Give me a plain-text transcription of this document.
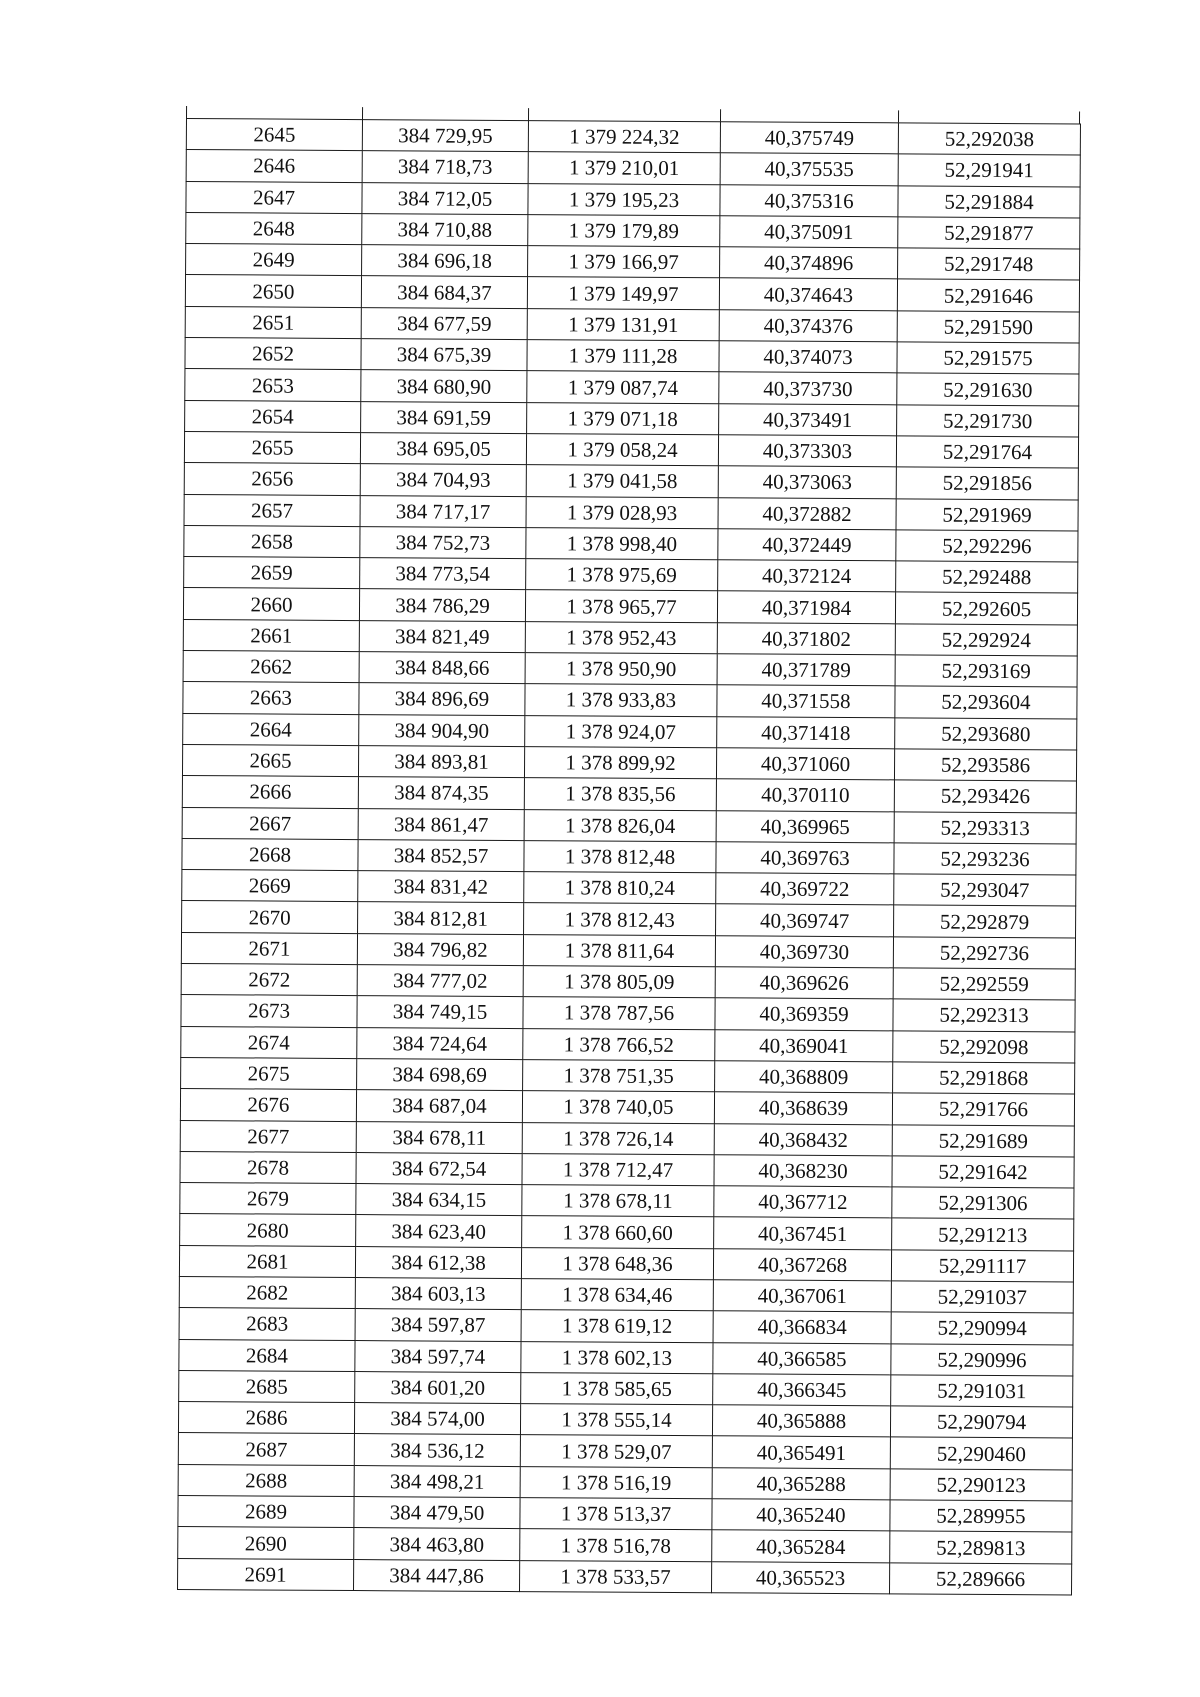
2645	384 729,95	1 379 224,32	40,375749	52,292038
2646	384 718,73	1 379 210,01	40,375535	52,291941
2647	384 712,05	1 379 195,23	40,375316	52,291884
2648	384 710,88	1 379 179,89	40,375091	52,291877
2649	384 696,18	1 379 166,97	40,374896	52,291748
2650	384 684,37	1 379 149,97	40,374643	52,291646
2651	384 677,59	1 379 131,91	40,374376	52,291590
2652	384 675,39	1 379 111,28	40,374073	52,291575
2653	384 680,90	1 379 087,74	40,373730	52,291630
2654	384 691,59	1 379 071,18	40,373491	52,291730
2655	384 695,05	1 379 058,24	40,373303	52,291764
2656	384 704,93	1 379 041,58	40,373063	52,291856
2657	384 717,17	1 379 028,93	40,372882	52,291969
2658	384 752,73	1 378 998,40	40,372449	52,292296
2659	384 773,54	1 378 975,69	40,372124	52,292488
2660	384 786,29	1 378 965,77	40,371984	52,292605
2661	384 821,49	1 378 952,43	40,371802	52,292924
2662	384 848,66	1 378 950,90	40,371789	52,293169
2663	384 896,69	1 378 933,83	40,371558	52,293604
2664	384 904,90	1 378 924,07	40,371418	52,293680
2665	384 893,81	1 378 899,92	40,371060	52,293586
2666	384 874,35	1 378 835,56	40,370110	52,293426
2667	384 861,47	1 378 826,04	40,369965	52,293313
2668	384 852,57	1 378 812,48	40,369763	52,293236
2669	384 831,42	1 378 810,24	40,369722	52,293047
2670	384 812,81	1 378 812,43	40,369747	52,292879
2671	384 796,82	1 378 811,64	40,369730	52,292736
2672	384 777,02	1 378 805,09	40,369626	52,292559
2673	384 749,15	1 378 787,56	40,369359	52,292313
2674	384 724,64	1 378 766,52	40,369041	52,292098
2675	384 698,69	1 378 751,35	40,368809	52,291868
2676	384 687,04	1 378 740,05	40,368639	52,291766
2677	384 678,11	1 378 726,14	40,368432	52,291689
2678	384 672,54	1 378 712,47	40,368230	52,291642
2679	384 634,15	1 378 678,11	40,367712	52,291306
2680	384 623,40	1 378 660,60	40,367451	52,291213
2681	384 612,38	1 378 648,36	40,367268	52,291117
2682	384 603,13	1 378 634,46	40,367061	52,291037
2683	384 597,87	1 378 619,12	40,366834	52,290994
2684	384 597,74	1 378 602,13	40,366585	52,290996
2685	384 601,20	1 378 585,65	40,366345	52,291031
2686	384 574,00	1 378 555,14	40,365888	52,290794
2687	384 536,12	1 378 529,07	40,365491	52,290460
2688	384 498,21	1 378 516,19	40,365288	52,290123
2689	384 479,50	1 378 513,37	40,365240	52,289955
2690	384 463,80	1 378 516,78	40,365284	52,289813
2691	384 447,86	1 378 533,57	40,365523	52,289666
